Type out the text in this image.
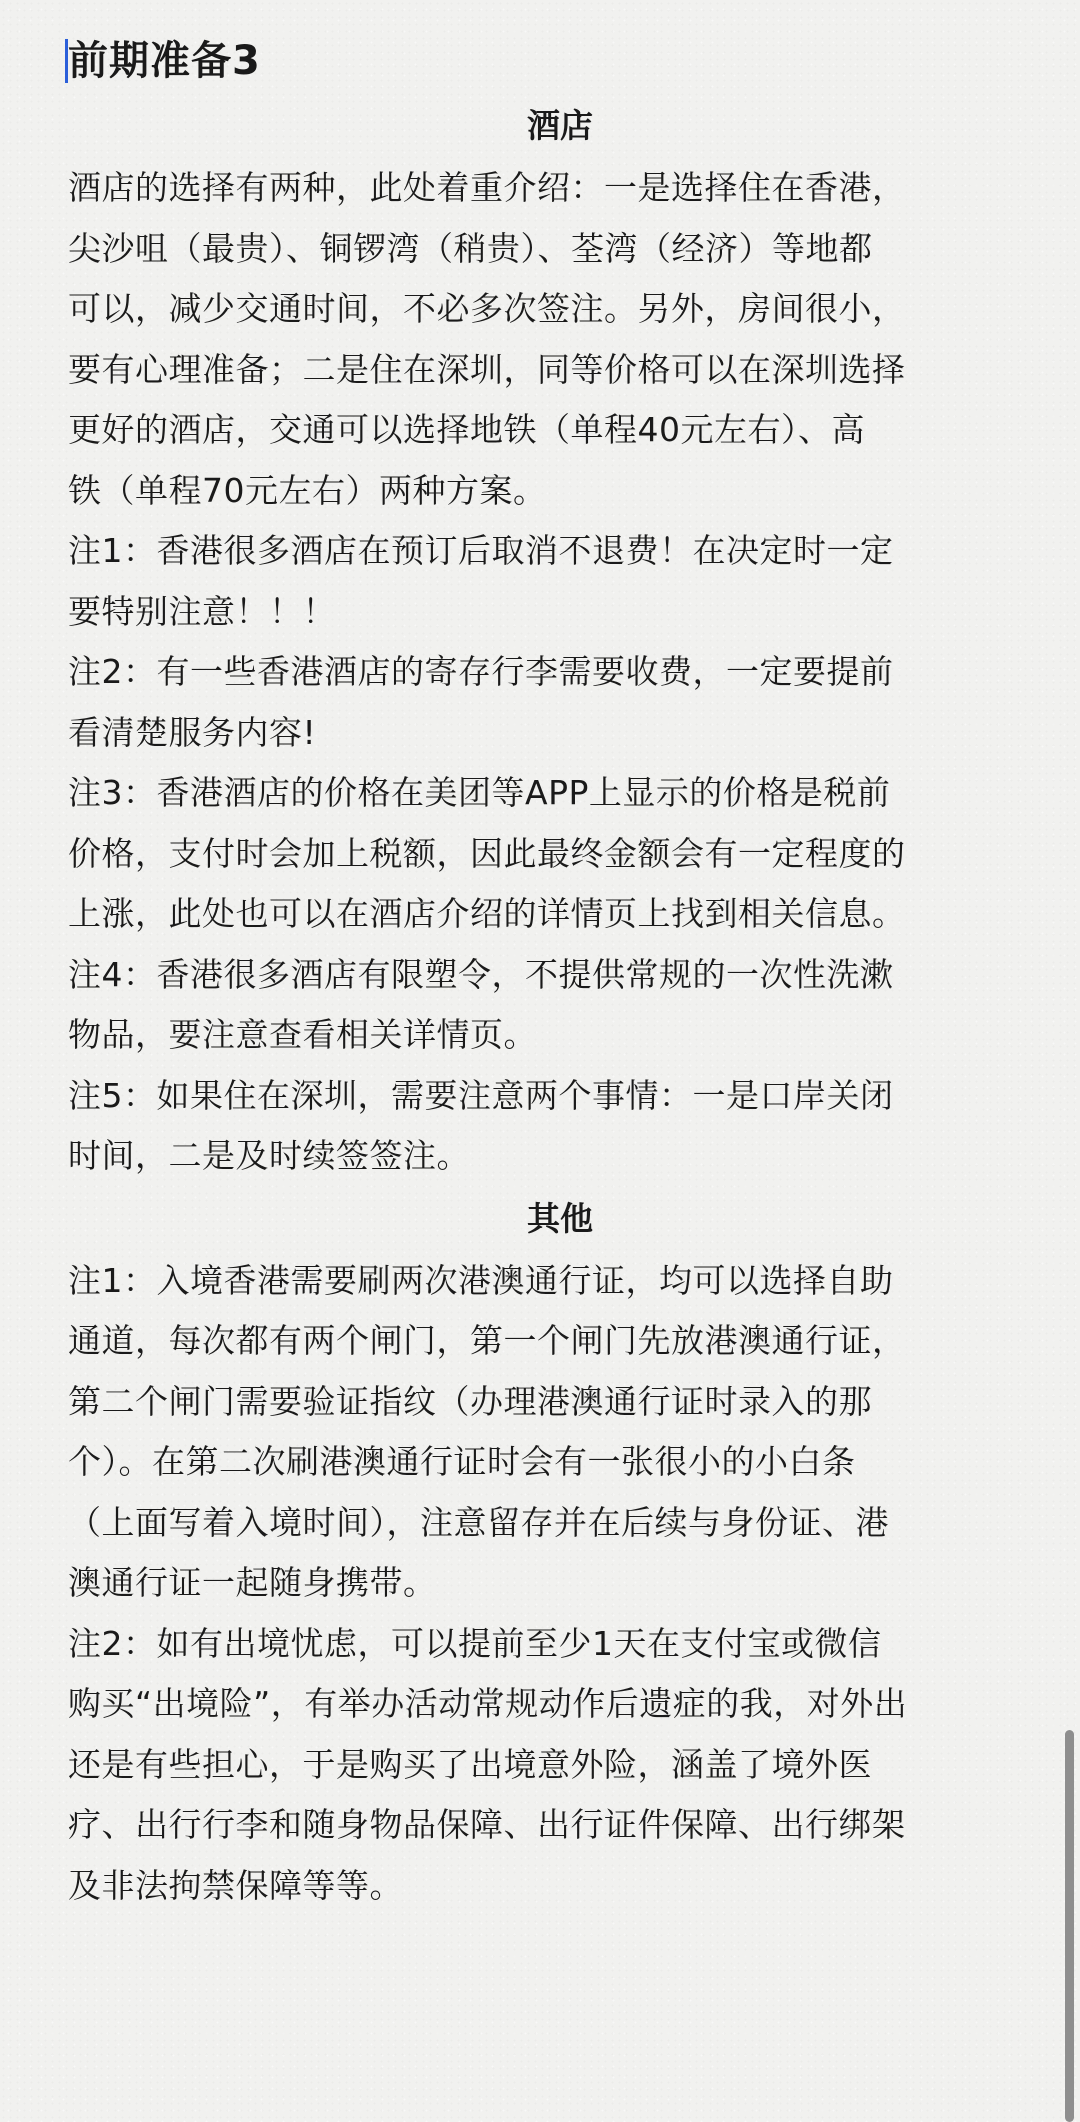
前期准备3
酒店

酒店的选择有两种，此处着重介绍：一是选择住在香港，
尖沙咀（最贵）、铜锣湾（稍贵）、荃湾（经济）等地都
可以，减少交通时间，不必多次签注。另外，房间很小，
要有心理准备；二是住在深圳，同等价格可以在深圳选择
更好的酒店，交通可以选择地铁（单程40元左右）、高
铁（单程70元左右）两种方案。

注1：香港很多酒店在预订后取消不退费！在决定时一定
要特别注意！！！

注2：有一些香港酒店的寄存行李需要收费，一定要提前
看清楚服务内容!

注3：香港酒店的价格在美团等APP上显示的价格是税前
价格，支付时会加上税额，因此最终金额会有一定程度的
上涨，此处也可以在酒店介绍的详情页上找到相关信息。

注4：香港很多酒店有限塑令，不提供常规的一次性洗漱
物品，要注意查看相关详情页。

注5：如果住在深圳，需要注意两个事情：一是口岸关闭
时间，二是及时续签签注。

其他

注1：入境香港需要刷两次港澳通行证，均可以选择自助
通道，每次都有两个闸门，第一个闸门先放港澳通行证，
第二个闸门需要验证指纹（办理港澳通行证时录入的那
个）。在第二次刷港澳通行证时会有一张很小的小白条
（上面写着入境时间），注意留存并在后续与身份证、港
澳通行证一起随身携带。

注2：如有出境忧虑，可以提前至少1天在支付宝或微信
购买“出境险”，有举办活动常规动作后遗症的我，对外出
还是有些担心，于是购买了出境意外险，涵盖了境外医
疗、出行行李和随身物品保障、出行证件保障、出行绑架
及非法拘禁保障等等。
